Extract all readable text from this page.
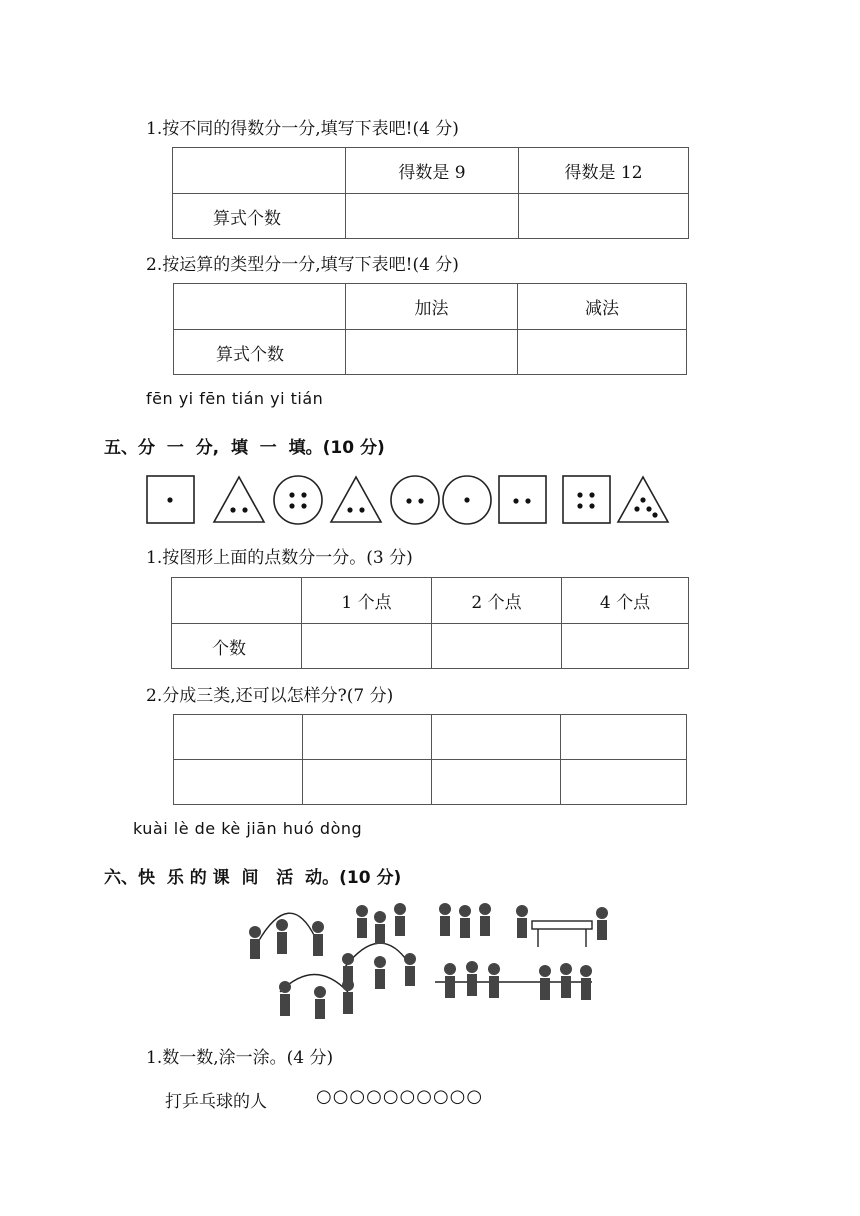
1.按不同的得数分一分,填写下表吧!(4 分)
	得数是 9	得数是 12
算式个数		
2.按运算的类型分一分,填写下表吧!(4 分)
	加法	减法
算式个数		
fēn yi fēn tián yi tián
五、分  一  分,  填  一  填。(10 分)
1.按图形上面的点数分一分。(3 分)
	1 个点	2 个点	4 个点
个数			
2.分成三类,还可以怎样分?(7 分)

kuài lè de kè jiān huó dòng
六、快  乐 的 课  间   活  动。(10 分)
1.数一数,涂一涂。(4 分)
打乒乓球的人	○○○○○○○○○○
